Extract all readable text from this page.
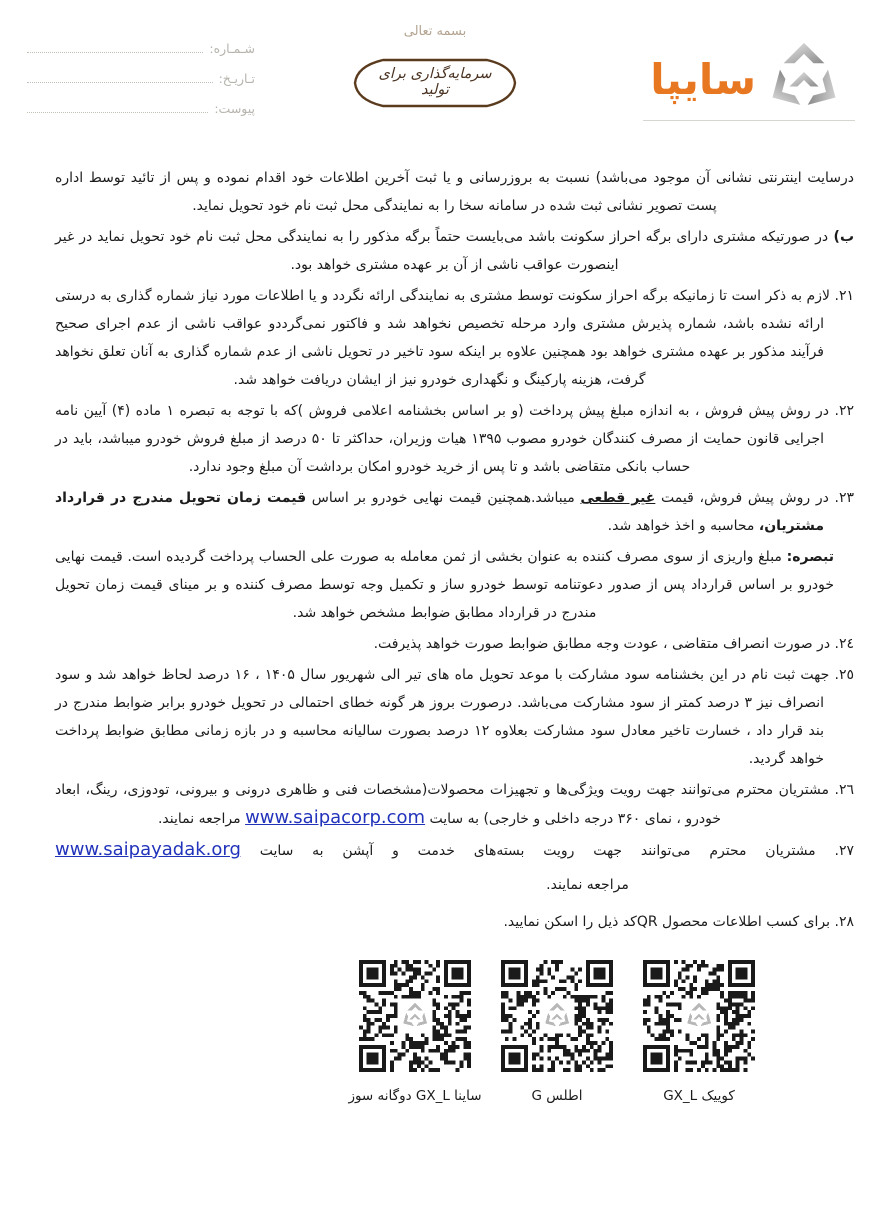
بسمه تعالی
شـمـاره:
تـاریـخ:
پیوست:
سرمایه‌گذاری برای تولید	سایپا

درسایت اینترنتی نشانی آن موجود می‌باشد) نسبت به بروزرسانی و یا ثبت آخرین اطلاعات خود اقدام نموده و پس از تائید توسط اداره پست تصویر نشانی ثبت شده در سامانه سخا را به نمایندگی محل ثبت نام خود تحویل نماید.

ب) در صورتیکه مشتری دارای برگه احراز سکونت باشد می‌بایست حتماً برگه مذکور را به نمایندگی محل ثبت نام خود تحویل نماید در غیر اینصورت عواقب ناشی از آن بر عهده مشتری خواهد بود.

۲۱. لازم به ذکر است تا زمانیکه برگه احراز سکونت توسط مشتری به نمایندگی ارائه نگردد و یا اطلاعات مورد نیاز شماره گذاری به درستی ارائه نشده باشد، شماره پذیرش مشتری وارد مرحله تخصیص نخواهد شد و فاکتور نمی‌گرددو عواقب ناشی از عدم اجرای صحیح فرآیند مذکور بر عهده مشتری خواهد بود همچنین علاوه بر اینکه سود تاخیر در تحویل ناشی از عدم شماره گذاری به آنان تعلق نخواهد گرفت، هزینه پارکینگ و نگهداری خودرو نیز از ایشان دریافت خواهد شد.

۲۲. در روش پیش فروش ، به اندازه مبلغ پیش پرداخت (و بر اساس بخشنامه اعلامی فروش )که با توجه به تبصره ۱ ماده (۴) آیین نامه اجرایی قانون حمایت از مصرف کنندگان خودرو مصوب ۱۳۹۵ هیات وزیران، حداکثر تا ۵۰ درصد از مبلغ فروش خودرو میباشد، باید در حساب بانکی متقاضی باشد و تا پس از خرید خودرو امکان برداشت آن مبلغ وجود ندارد.

۲۳. در روش پیش فروش، قیمت غیر قطعی میباشد.همچنین قیمت نهایی خودرو بر اساس قیمت زمان تحویل مندرج در قرارداد مشتریان، محاسبه و اخذ خواهد شد.

تبصره: مبلغ واریزی از سوی مصرف کننده به عنوان بخشی از ثمن معامله به صورت علی الحساب پرداخت گردیده است. قیمت نهایی خودرو بر اساس قرارداد پس از صدور دعوتنامه توسط خودرو ساز و تکمیل وجه توسط مصرف کننده و بر مینای قیمت زمان تحویل مندرج در قرارداد مطابق ضوابط مشخص خواهد شد.

۲٤. در صورت انصراف متقاضی ، عودت وجه مطابق ضوابط صورت خواهد پذیرفت.

۲٥. جهت ثبت نام در این بخشنامه سود مشارکت با موعد تحویل ماه های تیر الی شهریور سال ۱۴۰۵ ، ۱۶ درصد لحاظ خواهد شد و سود انصراف نیز ۳ درصد کمتر از سود مشارکت می‌باشد. درصورت بروز هر گونه خطای احتمالی در تحویل خودرو برابر ضوابط مندرج در بند قرار داد ، خسارت تاخیر معادل سود مشارکت بعلاوه ۱۲ درصد بصورت سالیانه محاسبه و در بازه زمانی مطابق ضوابط پرداخت خواهد گردید.

۲٦. مشتریان محترم می‌توانند جهت رویت ویژگی‌ها و تجهیزات محصولات(مشخصات فنی و ظاهری درونی و بیرونی، تودوزی، رینگ، ابعاد خودرو ، نمای ۳۶۰ درجه داخلی و خارجی) به سایت www.saipacorp.com مراجعه نمایند.

۲۷. مشتریان محترم می‌توانند جهت رویت بسته‌های خدمت و آپشن به سایت www.saipayadak.org

مراجعه نمایند.

۲۸. برای کسب اطلاعات محصول QRکد ذیل را اسکن نمایید.

کوییک GX_L
اطلس G
ساینا GX_L دوگانه سوز
